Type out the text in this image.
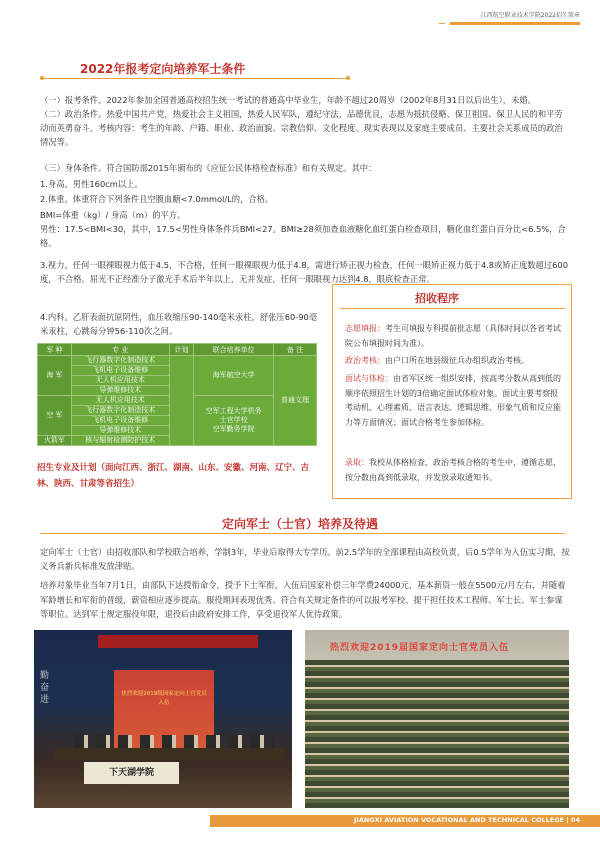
江西航空职业技术学院2022招生简章
2022年报考定向培养军士条件
（一）报考条件。2022年参加全国普通高校招生统一考试的普通高中毕业生，年龄不超过20周岁（2002年8月31日以后出生），未婚。
（二）政治条件。热爱中国共产党，热爱社会主义祖国，热爱人民军队，遵纪守法，品德优良，志愿为抵抗侵略、保卫祖国、保卫人民的和平劳动而英勇奋斗。考核内容：考生的年龄、户籍、职业、政治面貌、宗教信仰、文化程度、现实表现以及家庭主要成员、主要社会关系成员的政治情况等。
（三）身体条件。符合国防部2015年颁布的《应征公民体格检查标准》和有关规定。其中：
1.身高。男性160cm以上。
2.体重。体重符合下列条件且空腹血糖<7.0mmol/L的，合格。
BMI=体重（kg）/ 身高（m）的平方。
男性：17.5<BMI<30，其中，17.5<男性身体条件兵BMI<27。BMI≥28须加查血液糖化血红蛋白检查项目，糖化血红蛋白百分比<6.5%，合格。
3.视力。任何一眼裸眼视力低于4.5，不合格，任何一眼裸眼视力低于4.8，需进行矫正视力检查，任何一眼矫正视力低于4.8或矫正度数超过600度，不合格。屈光不正经准分子激光手术后半年以上，无并发症，任何一眼眼视力达到4.8，眼底检查正常。
4.内科。乙肝表面抗原阴性，血压收缩压90-140毫米汞柱，舒张压60-90毫米汞柱，心跳每分钟56-110次之间。
军 种	专 业	计划	联合培养单位	备 注
海 军	飞行器数字化制造技术		海军航空大学	普通文理
	飞机电子设备维修			
	无人机应用技术			
	导弹维修技术			
空 军	无人机应用技术		空军工程大学机务
士官学校
空军勤务学院	

	飞行器数字化制造技术			
	飞机电子设备维修			
	导弹维修技术			
火箭军	核与辐射检测防护技术			
招生专业及计划（面向江西、浙江、湖南、山东、安徽、河南、辽宁、吉林、陕西、甘肃等省招生）
招收程序
志愿填报：考生可填报专科提前批志愿（具体时间以各省考试院公布填报时间为准）。
政治考核：由户口所在地县级征兵办组织政治考核。
面试与体检：由省军区统一组织安排，按高考分数从高到低的顺序依照招生计划的3倍确定面试体检对象。面试主要考察报考动机、心理素质、语言表达、逻辑思维、形象气质和反应能力等方面情况；面试合格考生参加体检。
录取：我校从体格检查、政治考核合格的考生中，遵循志愿，按分数由高到低录取，并发放录取通知书。
定向军士（士官）培养及待遇
定向军士（士官）由招收部队和学校联合培养，学制3年，毕业后取得大专学历。前2.5学年的全部课程由高校负责，后0.5学年为入伍实习期，按义务兵新兵标准发放津贴。
培养对象毕业当年7月1日，由部队下达授衔命令，授予下士军衔，入伍后国家补偿三年学费24000元，基本薪资一般在5500元/月左右，并随着军龄增长和军衔的晋级，薪资相应逐步提高。服役期间表现优秀、符合有关规定条件的可以报考军校、提干担任技术工程师、军士长、军士参谋等职位。达到军士规定服役年限，退役后由政府安排工作，享受退役军人优待政策。
热烈欢迎2019级国家定向士官党员入伍
勤奋进
下天湖学院
热烈欢迎2019届国家定向士官党员入伍
JIANGXI AVIATION VOCATIONAL AND TECHNICAL COLLEGE | 04
